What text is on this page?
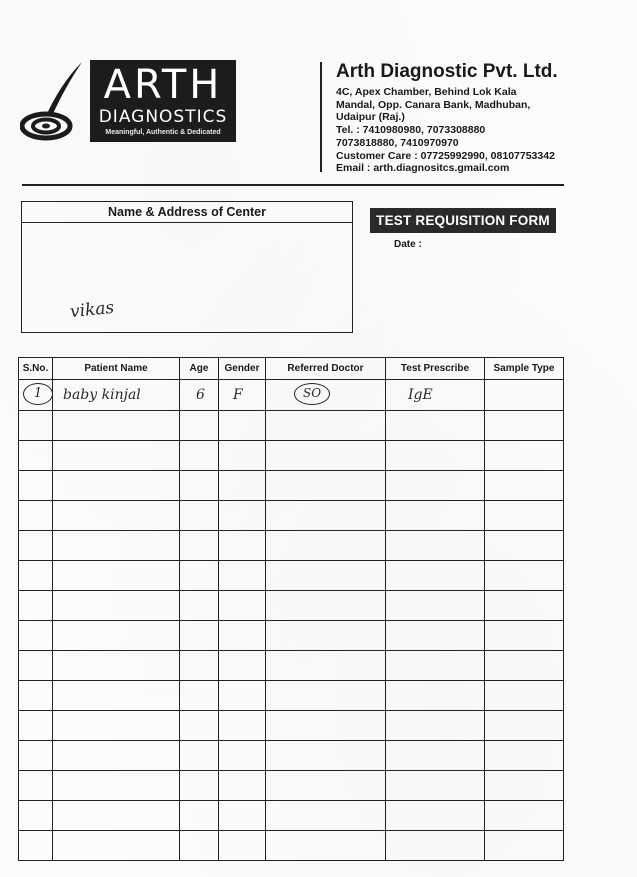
ARTH
DIAGNOSTICS
Meaningful, Authentic & Dedicated
Arth Diagnostic Pvt. Ltd.
4C, Apex Chamber, Behind Lok Kala
Mandal, Opp. Canara Bank, Madhuban,
Udaipur (Raj.)
Tel. : 7410980980, 7073308880
7073818880, 7410970970
Customer Care : 07725992990, 08107753342
Email : arth.diagnositcs.gmail.com
Name & Address of Center
vikas
TEST REQUISITION FORM
Date :
S.No.	Patient Name	Age	Gender	Referred Doctor	Test Prescribe	Sample Type
1	baby kinjal	6	F	SO	IgE	
